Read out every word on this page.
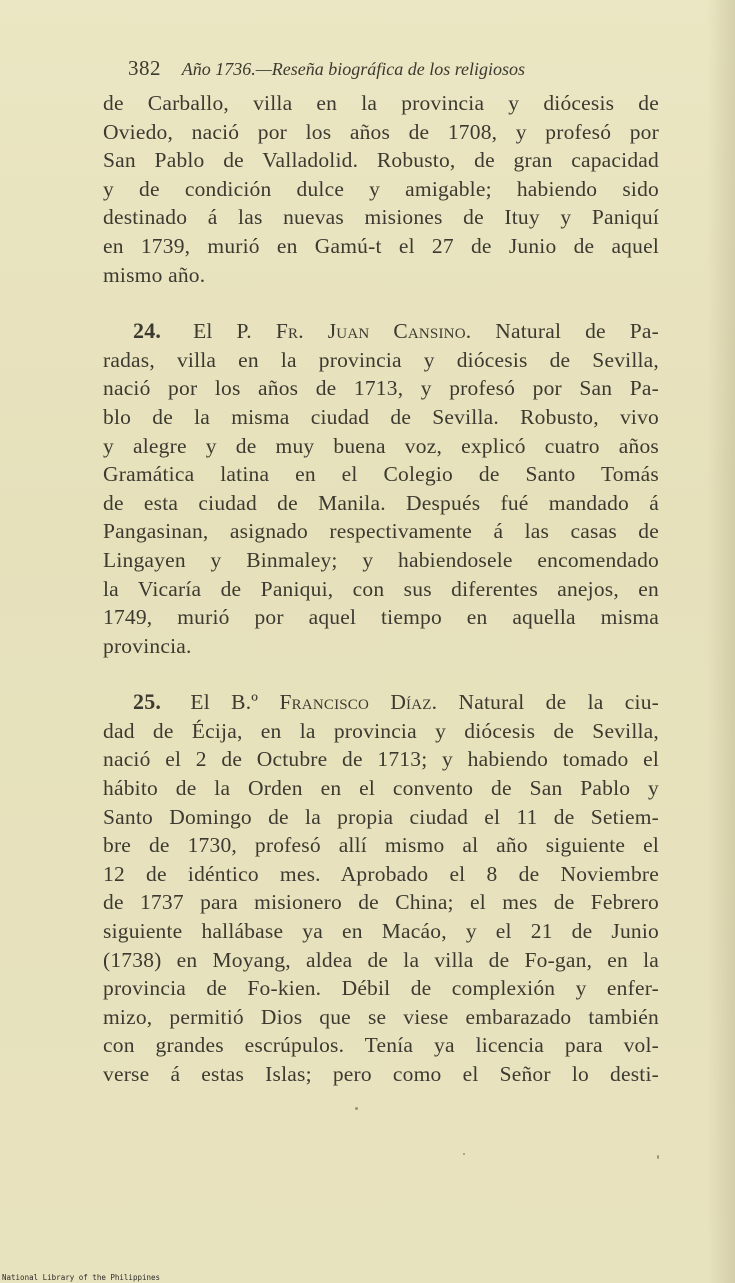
382 Año 1736.—Reseña biográfica de los religiosos
de Carballo, villa en la provincia y diócesis de
Oviedo, nació por los años de 1708, y profesó por
San Pablo de Valladolid. Robusto, de gran capacidad
y de condición dulce y amigable; habiendo sido
destinado á las nuevas misiones de Ituy y Paniquí
en 1739, murió en Gamú-t el 27 de Junio de aquel
mismo año.
24. El P. Fr. Juan Cansino. Natural de Pa-
radas, villa en la provincia y diócesis de Sevilla,
nació por los años de 1713, y profesó por San Pa-
blo de la misma ciudad de Sevilla. Robusto, vivo
y alegre y de muy buena voz, explicó cuatro años
Gramática latina en el Colegio de Santo Tomás
de esta ciudad de Manila. Después fué mandado á
Pangasinan, asignado respectivamente á las casas de
Lingayen y Binmaley; y habiendosele encomendado
la Vicaría de Paniqui, con sus diferentes anejos, en
1749, murió por aquel tiempo en aquella misma
provincia.
25. El B.º Francisco Díaz. Natural de la ciu-
dad de Écija, en la provincia y diócesis de Sevilla,
nació el 2 de Octubre de 1713; y habiendo tomado el
hábito de la Orden en el convento de San Pablo y
Santo Domingo de la propia ciudad el 11 de Setiem-
bre de 1730, profesó allí mismo al año siguiente el
12 de idéntico mes. Aprobado el 8 de Noviembre
de 1737 para misionero de China; el mes de Febrero
siguiente hallábase ya en Macáo, y el 21 de Junio
(1738) en Moyang, aldea de la villa de Fo-gan, en la
provincia de Fo-kien. Débil de complexión y enfer-
mizo, permitió Dios que se viese embarazado también
con grandes escrúpulos. Tenía ya licencia para vol-
verse á estas Islas; pero como el Señor lo desti-
National Library of the Philippines
